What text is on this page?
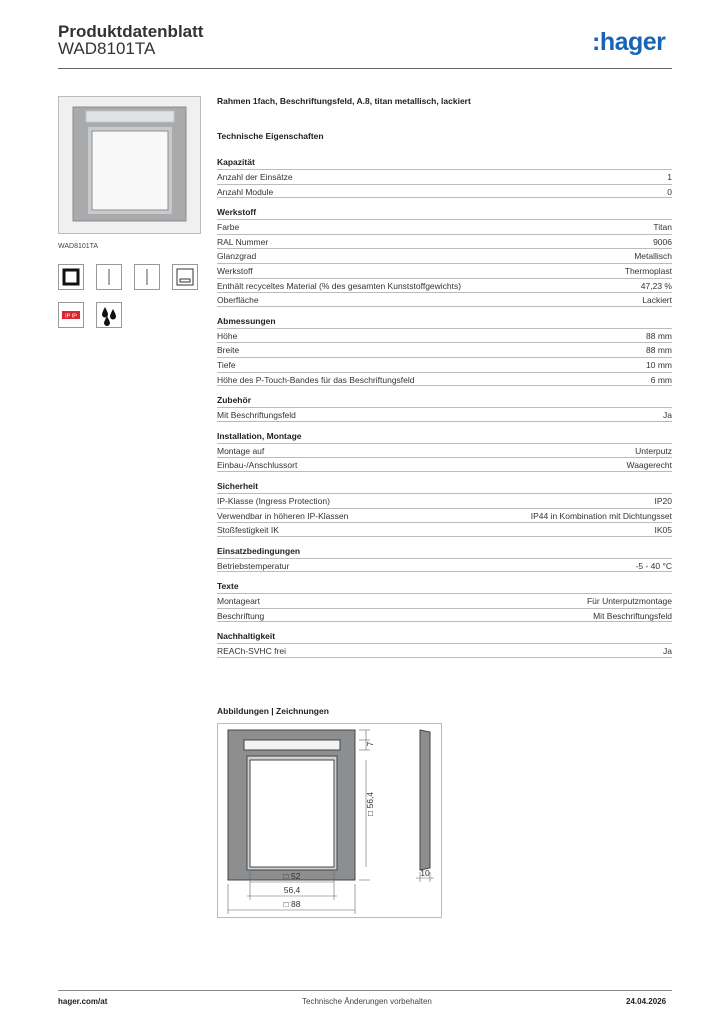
Produktdatenblatt
WAD8101TA	:hager
WAD8101TA
IP IP
Rahmen 1fach, Beschriftungsfeld, A.8, titan metallisch, lackiert
Technische Eigenschaften
Kapazität
Anzahl der Einsätze	1
Anzahl Module	0
Werkstoff
Farbe	Titan
RAL Nummer	9006
Glanzgrad	Metallisch
Werkstoff	Thermoplast
Enthält recyceltes Material (% des gesamten Kunststoffgewichts)	47,23 %
Oberfläche	Lackiert
Abmessungen
Höhe	88 mm
Breite	88 mm
Tiefe	10 mm
Höhe des P-Touch-Bandes für das Beschriftungsfeld	6 mm
Zubehör
Mit Beschriftungsfeld	Ja
Installation, Montage
Montage auf	Unterputz
Einbau-/Anschlussort	Waagerecht
Sicherheit
IP-Klasse (Ingress Protection)	IP20
Verwendbar in höheren IP-Klassen	IP44 in Kombination mit Dichtungsset
Stoßfestigkeit IK	IK05
Einsatzbedingungen
Betriebstemperatur	-5 - 40 °C
Texte
Montageart	Für Unterputzmontage
Beschriftung	Mit Beschriftungsfeld
Nachhaltigkeit
REACh-SVHC frei	Ja
Abbildungen | Zeichnungen
7
□ 56,4
□ 52
56,4
□ 88
10
hager.com/at	Technische Änderungen vorbehalten	24.04.2026
